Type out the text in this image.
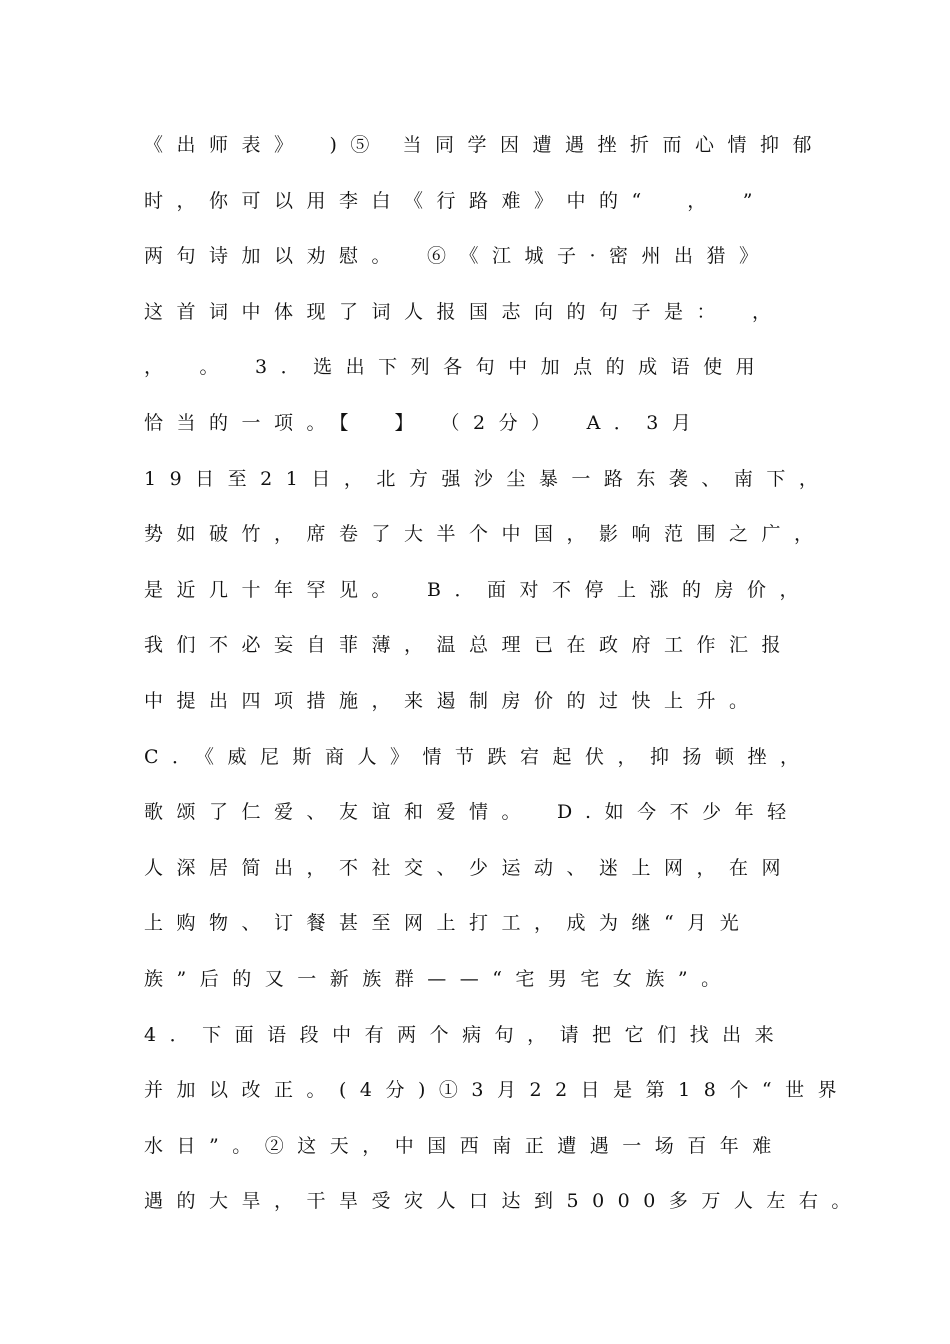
《出师表》　)⑤ 当同学因遭遇挫折而心情抑郁
时，你可以用李白《行路难》中的“　，　”
两句诗加以劝慰。　⑥《江城子·密州出猎》
这首词中体现了词人报国志向的句子是：　，
，　。　3．选出下列各句中加点的成语使用
恰当的一项。【　】　（2分）　A．3月
19日至21日，北方强沙尘暴一路东袭、南下，
势如破竹，席卷了大半个中国，影响范围之广，
是近几十年罕见。　B．面对不停上涨的房价，
我们不必妄自菲薄，温总理已在政府工作汇报
中提出四项措施，来遏制房价的过快上升。
C．《威尼斯商人》情节跌宕起伏，抑扬顿挫，
歌颂了仁爱、友谊和爱情。　D.如今不少年轻
人深居简出，不社交、少运动、迷上网，在网
上购物、订餐甚至网上打工，成为继“月光
族”后的又一新族群——“宅男宅女族”。
4．下面语段中有两个病句，请把它们找出来
并加以改正。(4分)①3月22日是第18个“世界
水日”。②这天，中国西南正遭遇一场百年难
遇的大旱，干旱受灾人口达到5000多万人左右。
